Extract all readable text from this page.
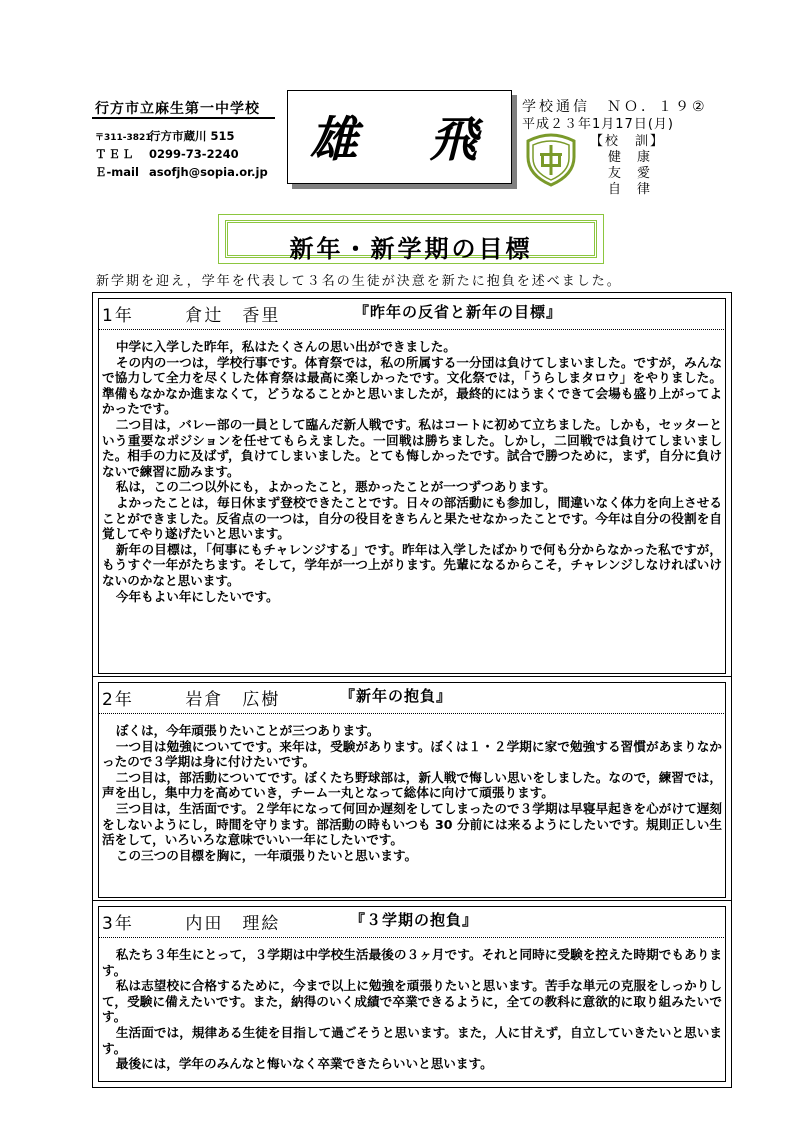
行方市立麻生第一中学校
〒311-3821 行方市蔵川 515
ＴＥＬ 0299-73-2240
Ｅ-mail asofjh@sopia.or.jp
雄　飛
学校通信　ＮＯ．１９②
平成２３年1月17日(月)
【校　訓】
健康
友愛
自律
新年・新学期の目標
新学期を迎え，学年を代表して３名の生徒が決意を新たに抱負を述べました。
1年	倉辻　香里	『昨年の反省と新年の目標』

中学に入学した昨年，私はたくさんの思い出ができました。

その内の一つは，学校行事です。体育祭では，私の所属する一分団は負けてしまいました。ですが，みんなで協力して全力を尽くした体育祭は最高に楽しかったです。文化祭では，「うらしまタロウ」をやりました。準備もなかなか進まなくて，どうなることかと思いましたが，最終的にはうまくできて会場も盛り上がってよかったです。

二つ目は，バレー部の一員として臨んだ新人戦です。私はコートに初めて立ちました。しかも，セッターという重要なポジションを任せてもらえました。一回戦は勝ちました。しかし，二回戦では負けてしまいました。相手の力に及ばず，負けてしまいました。とても悔しかったです。試合で勝つために，まず，自分に負けないで練習に励みます。

私は，この二つ以外にも，よかったこと，悪かったことが一つずつあります。

よかったことは，毎日休まず登校できたことです。日々の部活動にも参加し，間違いなく体力を向上させることができました。反省点の一つは，自分の役目をきちんと果たせなかったことです。今年は自分の役割を自覚してやり遂げたいと思います。

新年の目標は，「何事にもチャレンジする」です。昨年は入学したばかりで何も分からなかった私ですが，もうすぐ一年がたちます。そして，学年が一つ上がります。先輩になるからこそ，チャレンジしなければいけないのかなと思います。

今年もよい年にしたいです。

2年	岩倉　広樹	『新年の抱負』

ぼくは，今年頑張りたいことが三つあります。

一つ目は勉強についてです。来年は，受験があります。ぼくは１・２学期に家で勉強する習慣があまりなかったので３学期は身に付けたいです。

二つ目は，部活動についてです。ぼくたち野球部は，新人戦で悔しい思いをしました。なので，練習では，声を出し，集中力を高めていき，チーム一丸となって総体に向けて頑張ります。

三つ目は，生活面です。２学年になって何回か遅刻をしてしまったので３学期は早寝早起きを心がけて遅刻をしないようにし，時間を守ります。部活動の時もいつも 30 分前には来るようにしたいです。規則正しい生活をして，いろいろな意味でいい一年にしたいです。

この三つの目標を胸に，一年頑張りたいと思います。

3年	内田　理絵	『３学期の抱負』

私たち３年生にとって，３学期は中学校生活最後の３ヶ月です。それと同時に受験を控えた時期でもあります。

私は志望校に合格するために，今まで以上に勉強を頑張りたいと思います。苦手な単元の克服をしっかりして，受験に備えたいです。また，納得のいく成績で卒業できるように，全ての教科に意欲的に取り組みたいです。

生活面では，規律ある生徒を目指して過ごそうと思います。また，人に甘えず，自立していきたいと思います。

最後には，学年のみんなと悔いなく卒業できたらいいと思います。
